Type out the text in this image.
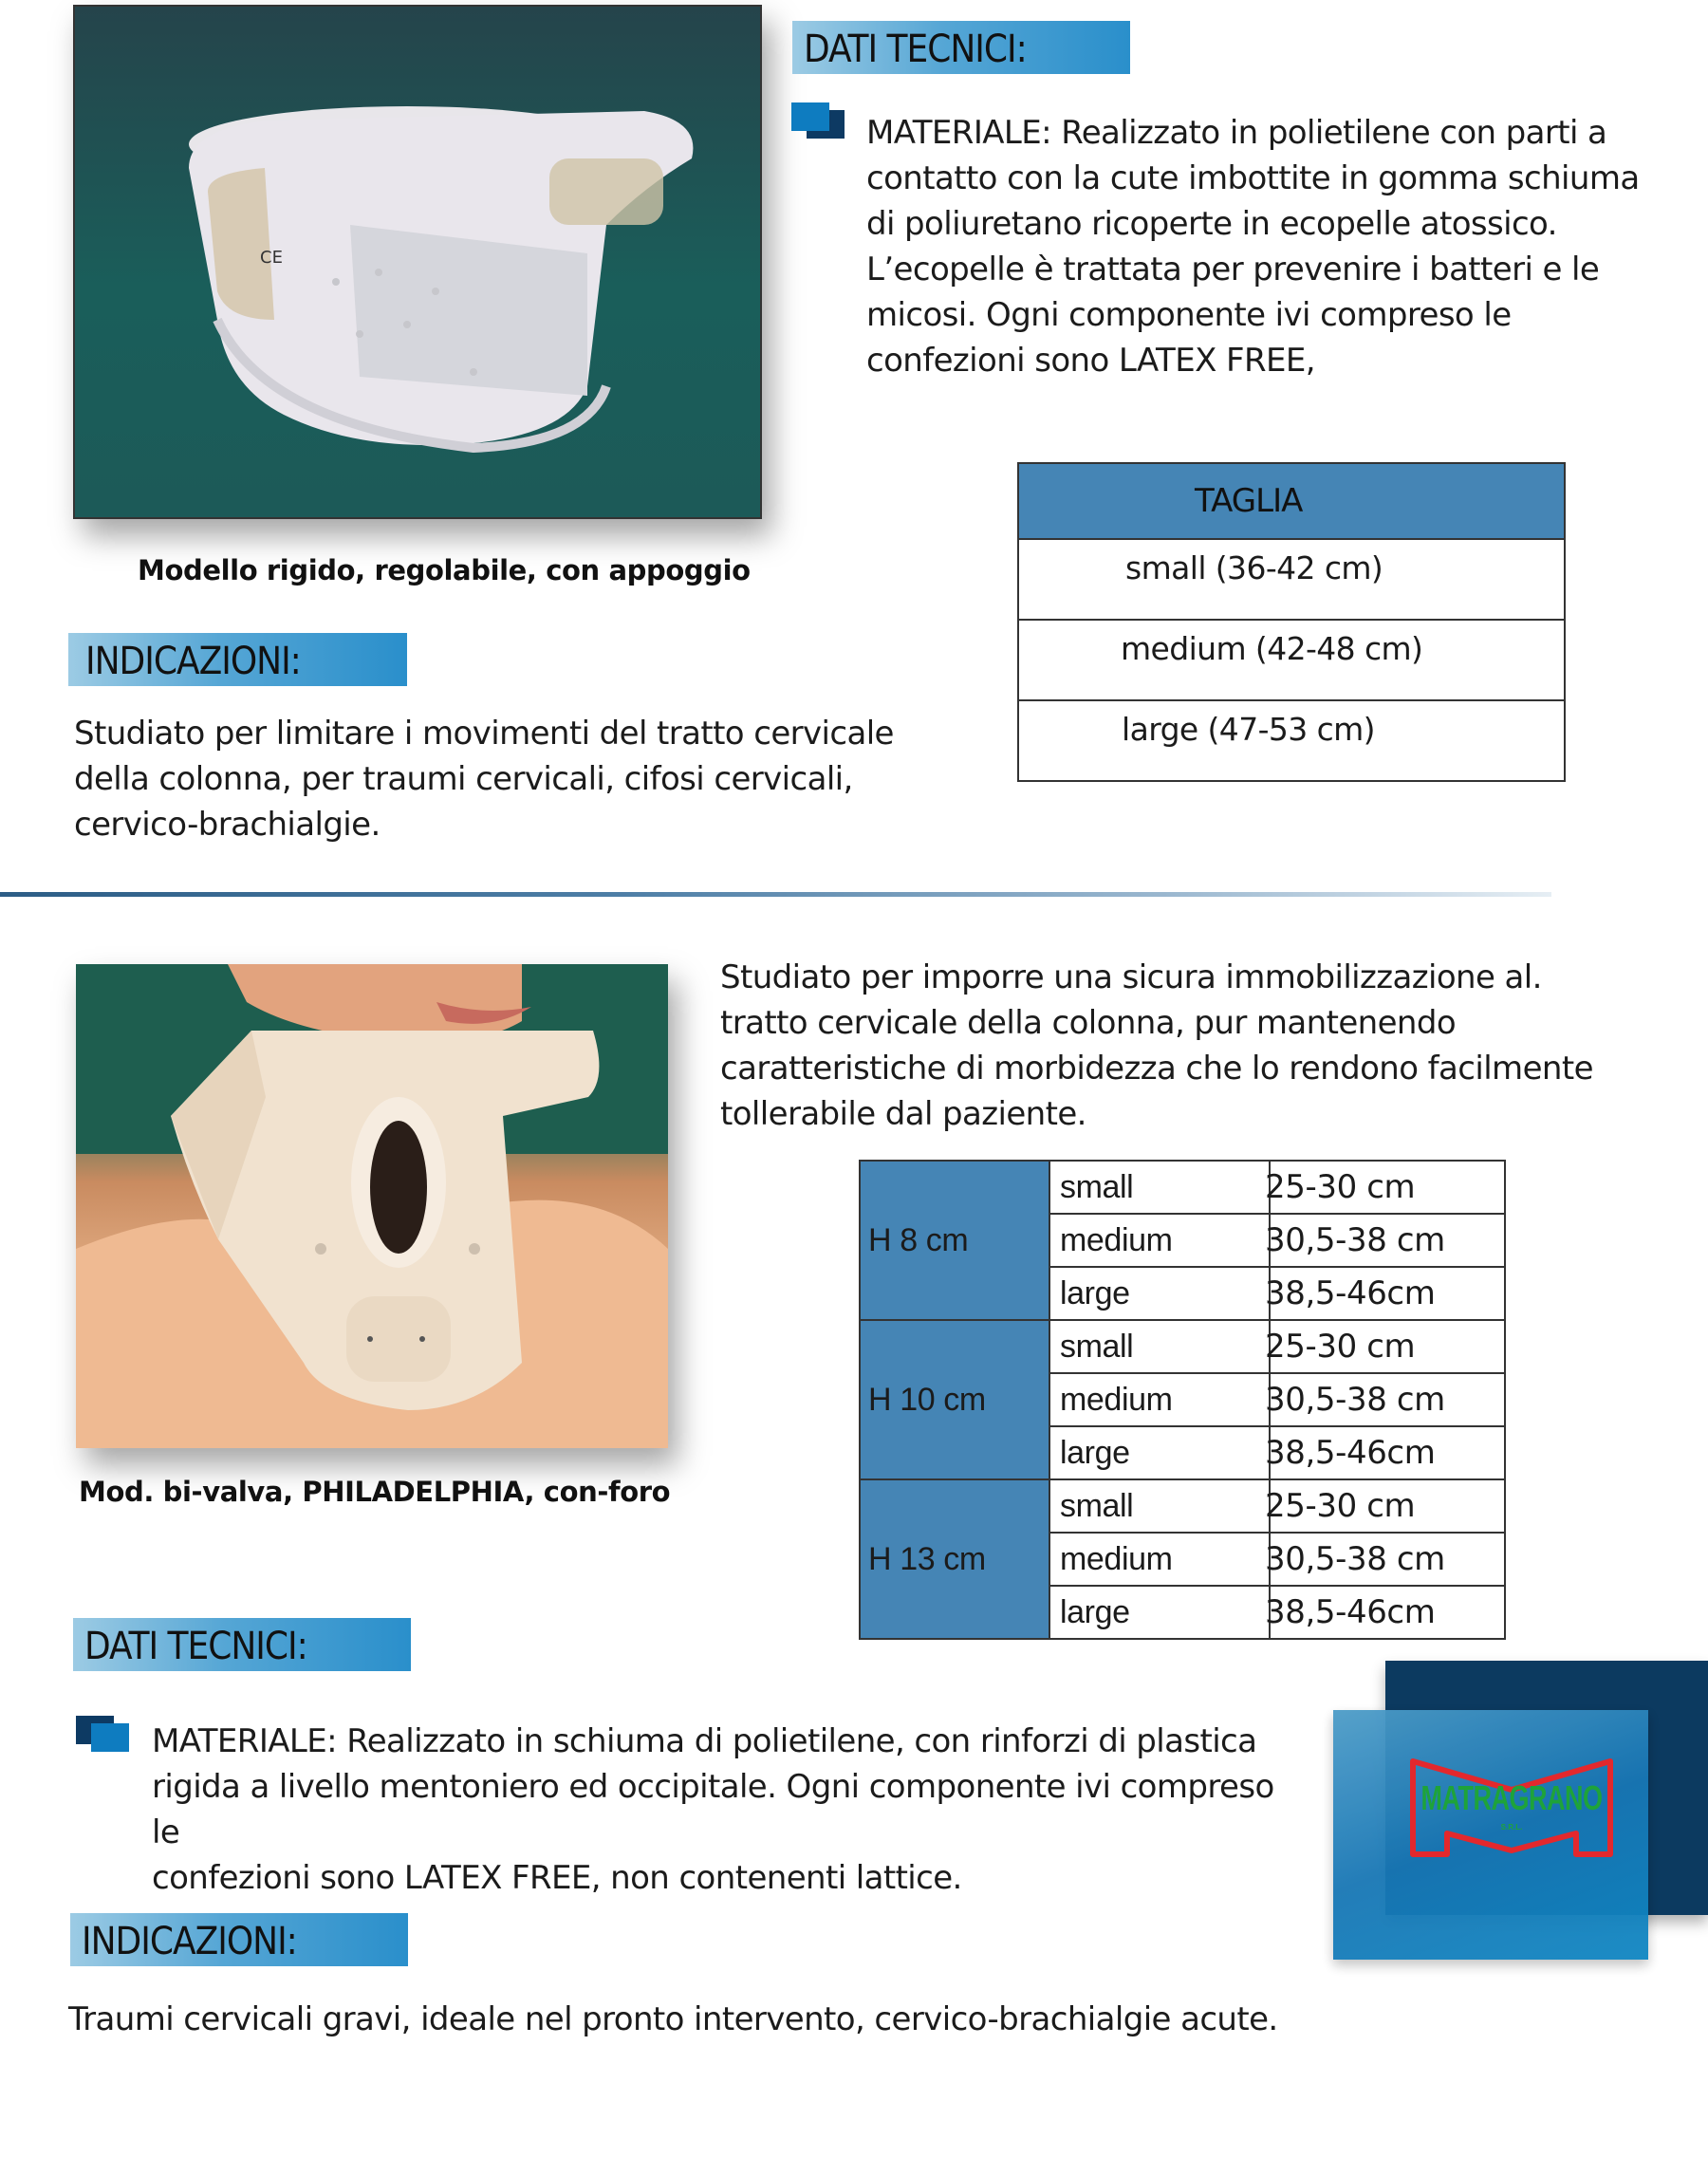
CE
Modello rigido, regolabile, con appoggio
DATI TECNICI:
MATERIALE: Realizzato in polietilene con parti a
contatto con la cute imbottite in gomma schiuma
di poliuretano ricoperte in ecopelle atossico.
L’ecopelle è trattata per prevenire i batteri e le
micosi. Ogni componente ivi compreso le
confezioni sono LATEX FREE,
TAGLIA
small (36-42 cm)
medium (42-48 cm)
large (47-53 cm)
INDICAZIONI:
Studiato per limitare i movimenti del tratto cervicale
della colonna, per traumi cervicali, cifosi cervicali,
cervico-brachialgie.
Mod. bi-valva, PHILADELPHIA, con-foro
Studiato per imporre una sicura immobilizzazione al.
tratto cervicale della colonna, pur mantenendo
caratteristiche di morbidezza che lo rendono facilmente
tollerabile dal paziente.
H 8 cm	small	25-30 cm
	medium	30,5-38 cm
	large	38,5-46cm
H 10 cm	small	25-30 cm
	medium	30,5-38 cm
	large	38,5-46cm
H 13 cm	small	25-30 cm
	medium	30,5-38 cm
	large	38,5-46cm
DATI TECNICI:
MATERIALE: Realizzato in schiuma di polietilene, con rinforzi di plastica
rigida a livello mentoniero ed occipitale. Ogni componente ivi compreso le
confezioni sono LATEX FREE, non contenenti lattice.
INDICAZIONI:
Traumi cervicali gravi, ideale nel pronto intervento, cervico-brachialgie acute.
MATRAGRANO
S.R.L.
